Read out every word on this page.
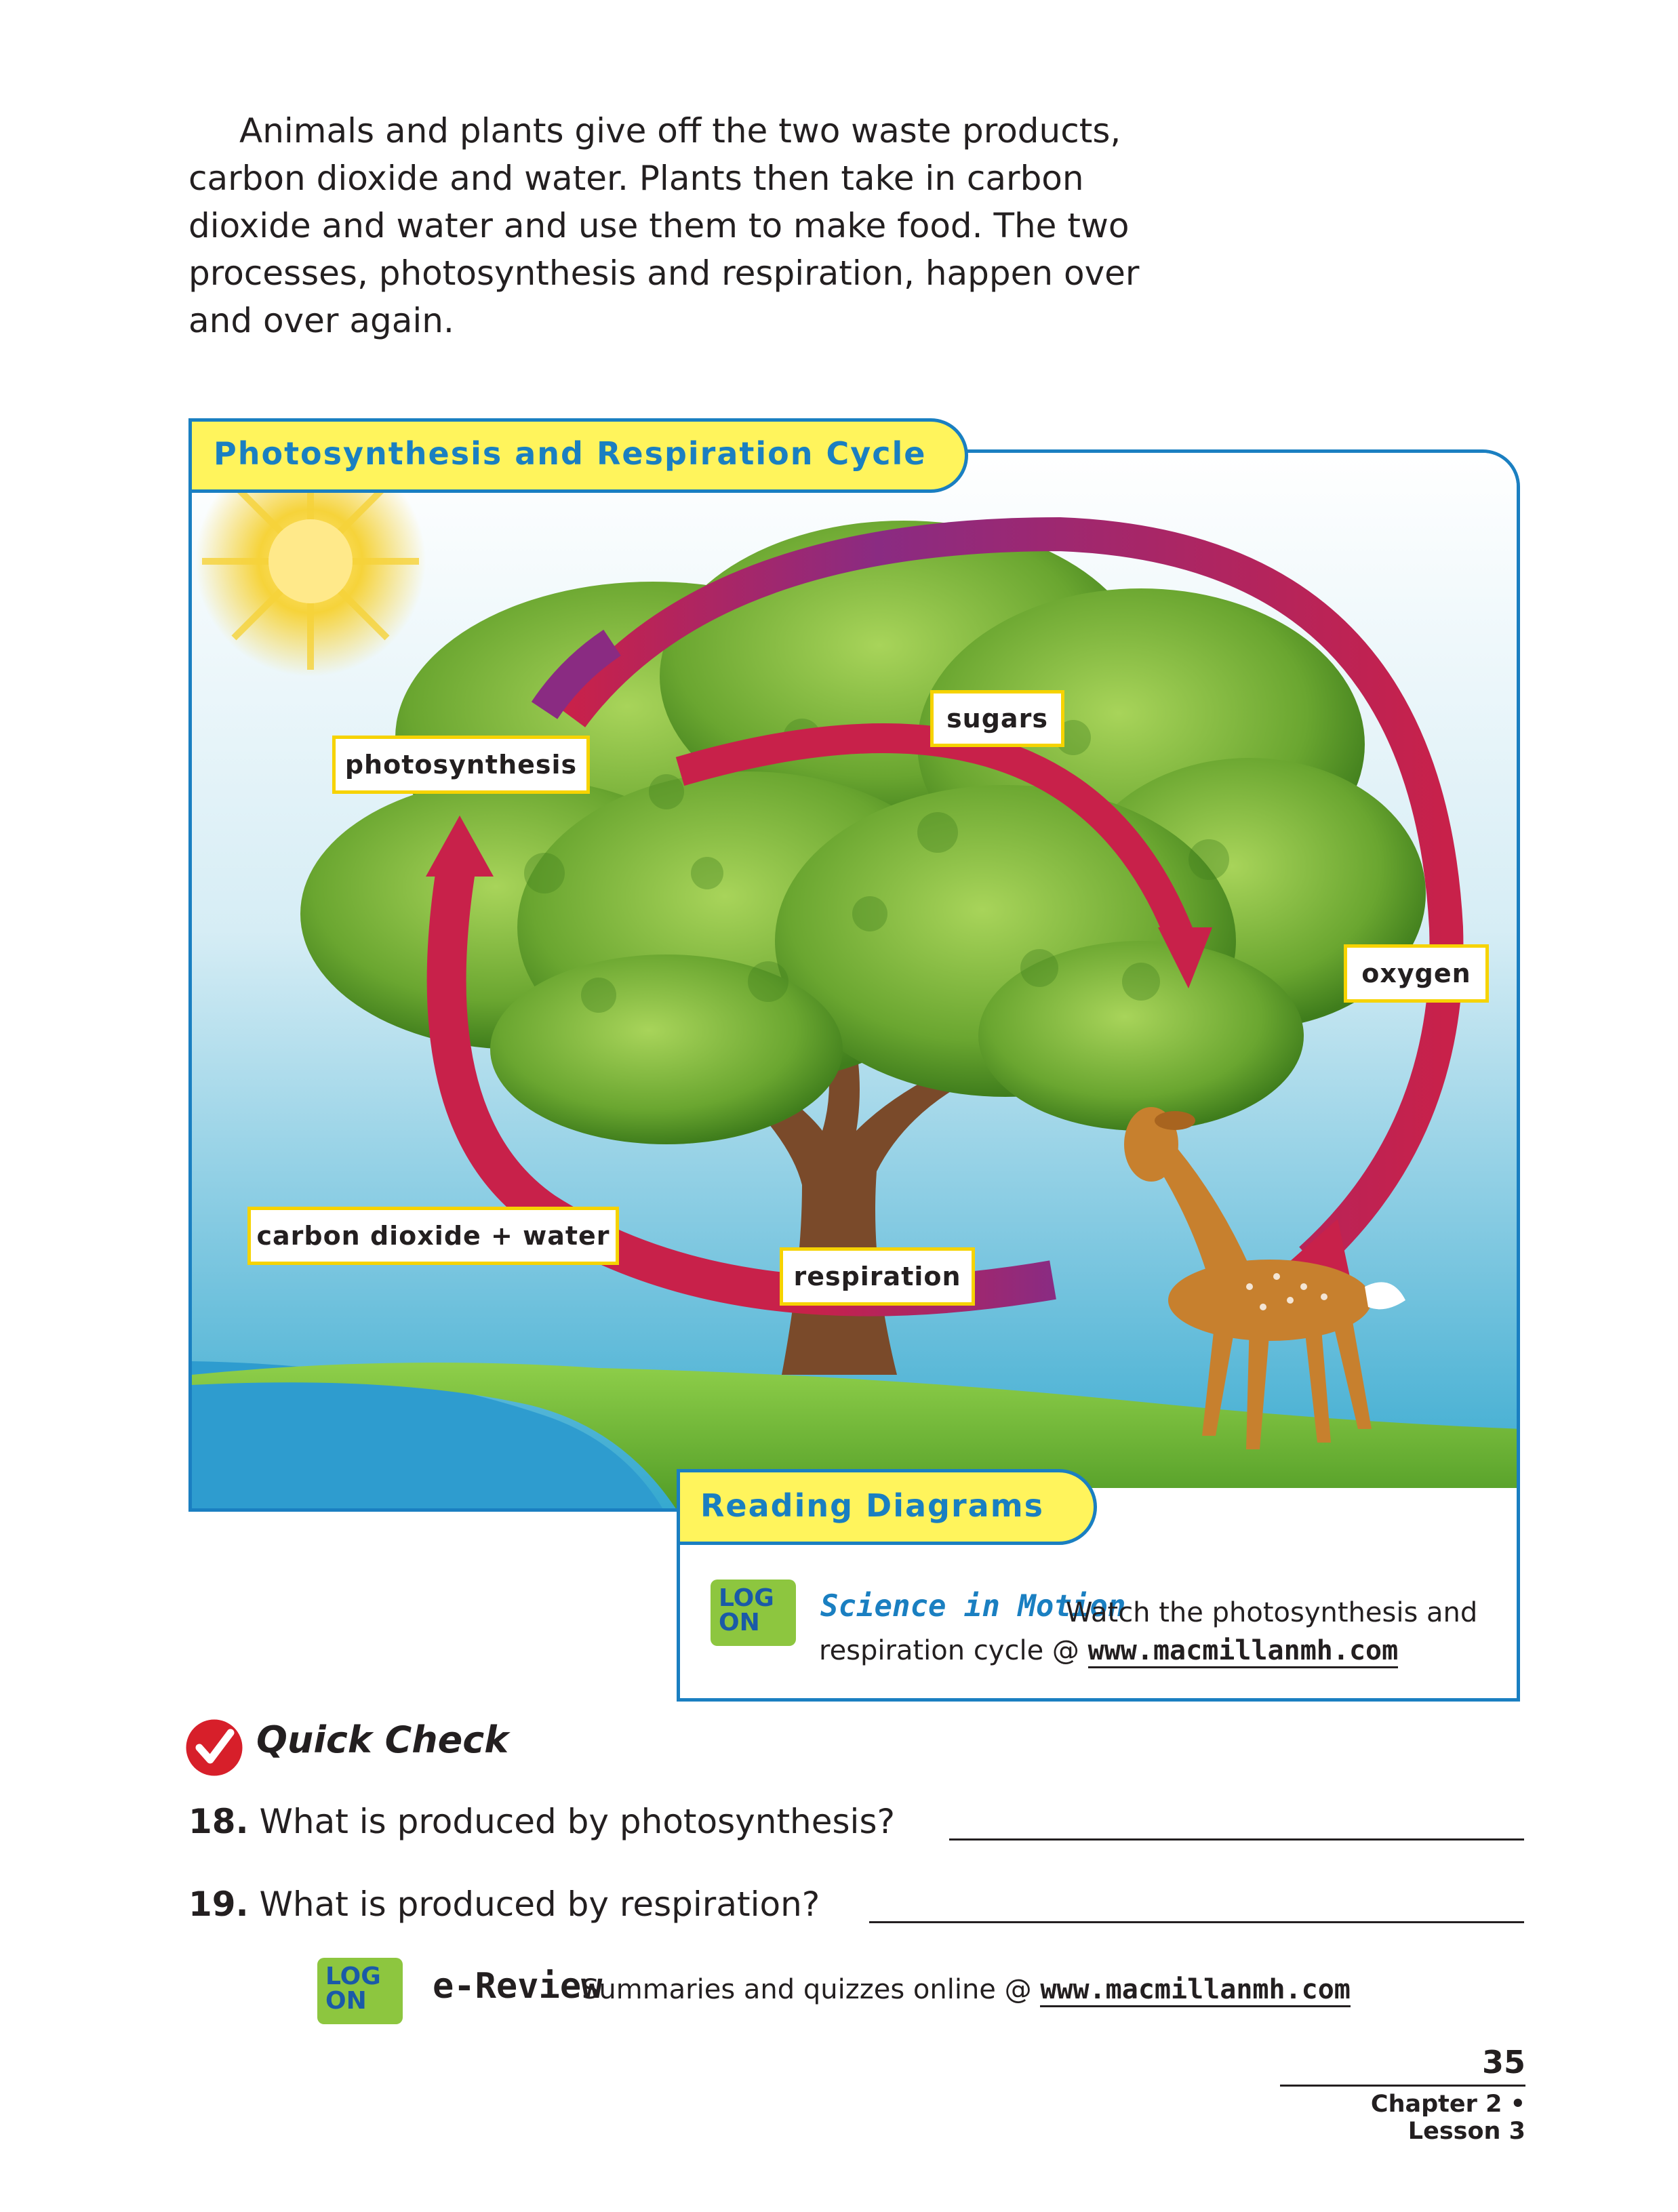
Animals and plants give off the two waste products, carbon dioxide and water. Plants then take in carbon dioxide and water and use them to make food. The two processes, photosynthesis and respiration, happen over and over again.

Photosynthesis and Respiration Cycle
photosynthesis
sugars
oxygen
carbon dioxide + water
respiration
Reading Diagrams
LOG
ON Science in Motion
Watch the photosynthesis and
respiration cycle @ www.macmillanmh.com
Quick Check
18. What is produced by photosynthesis?
19. What is produced by respiration?
LOG
ON e-Review
Summaries and quizzes online @ www.macmillanmh.com
35
Chapter 2 • Lesson 3
